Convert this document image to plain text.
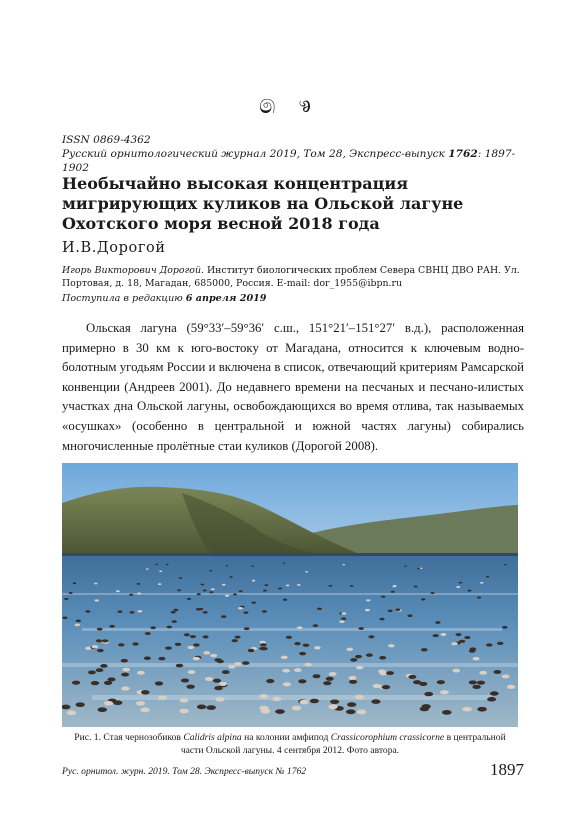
෧ ෳ
ISSN 0869-4362
Русский орнитологический журнал 2019, Том 28, Экспресс-выпуск 1762: 1897-1902
Необычайно высокая концентрация мигрирующих куликов на Ольской лагуне Охотского моря весной 2018 года
И.В.Дорогой
Игорь Викторович Дорогой. Институт биологических проблем Севера СВНЦ ДВО РАН. Ул. Портовая, д. 18, Магадан, 685000, Россия. E-mail: dor_1955@ibpn.ru
Поступила в редакцию 6 апреля 2019
Ольская лагуна (59°33′–59°36′ с.ш., 151°21′–151°27′ в.д.), расположенная примерно в 30 км к юго-востоку от Магадана, относится к ключевым водно-болотным угодьям России и включена в список, отвечающий критериям Рамсарской конвенции (Андреев 2001). До недавнего времени на песчаных и песчано-илистых участках дна Ольской лагуны, освобождающихся во время отлива, так называемых «осушках» (особенно в центральной и южной частях лагуны) собирались многочисленные пролётные стаи куликов (Дорогой 2008).
Рис. 1. Стая чернозобиков Calidris alpina на колонии амфипод Crassicorophium crassicorne в центральной части Ольской лагуны. 4 сентября 2012. Фото автора.
Рус. орнитол. журн. 2019. Том 28. Экспресс-выпуск № 1762	1897
